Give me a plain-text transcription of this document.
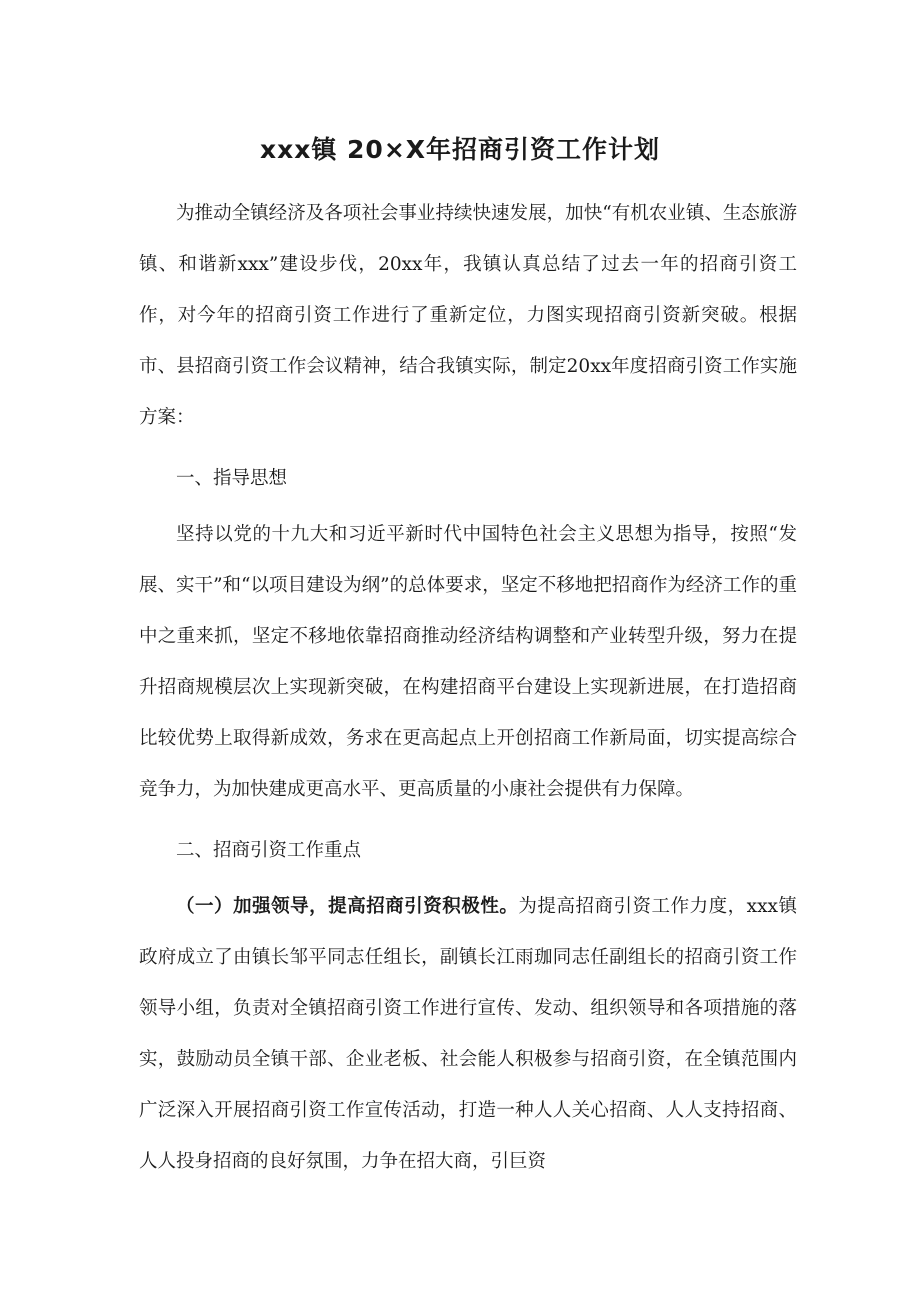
xxx镇 20×X年招商引资工作计划

为推动全镇经济及各项社会事业持续快速发展，加快“有机农业镇、生态旅游镇、和谐新xxx”建设步伐，20xx年，我镇认真总结了过去一年的招商引资工作，对今年的招商引资工作进行了重新定位，力图实现招商引资新突破。根据市、县招商引资工作会议精神，结合我镇实际，制定20xx年度招商引资工作实施方案：

一、指导思想

坚持以党的十九大和习近平新时代中国特色社会主义思想为指导，按照“发展、实干”和“以项目建设为纲”的总体要求，坚定不移地把招商作为经济工作的重中之重来抓，坚定不移地依靠招商推动经济结构调整和产业转型升级，努力在提升招商规模层次上实现新突破，在构建招商平台建设上实现新进展，在打造招商比较优势上取得新成效，务求在更高起点上开创招商工作新局面，切实提高综合竞争力，为加快建成更高水平、更高质量的小康社会提供有力保障。

二、招商引资工作重点

（一）加强领导，提高招商引资积极性。为提高招商引资工作力度，xxx镇政府成立了由镇长邹平同志任组长，副镇长江雨珈同志任副组长的招商引资工作领导小组，负责对全镇招商引资工作进行宣传、发动、组织领导和各项措施的落实，鼓励动员全镇干部、企业老板、社会能人积极参与招商引资，在全镇范围内广泛深入开展招商引资工作宣传活动，打造一种人人关心招商、人人支持招商、人人投身招商的良好氛围，力争在招大商，引巨资
